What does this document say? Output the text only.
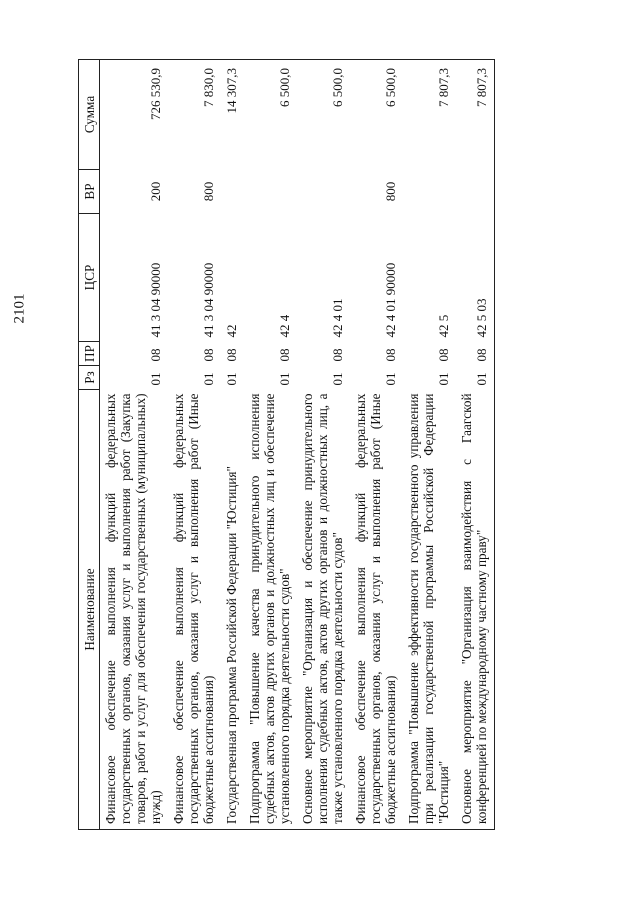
2101
Наименование	Рз	ПР	ЦСР	ВР	Сумма
Финансовое обеспечение выполнения функций федеральных государственных органов, оказания услуг и выполнения работ (Закупка товаров, работ и услуг для обеспечения государственных (муниципальных) нужд)	01	08	41 3 04 90000	200	726 530,9
Финансовое обеспечение выполнения функций федеральных государственных органов, оказания услуг и выполнения работ (Иные бюджетные ассигнования)	01	08	41 3 04 90000	800	7 830,0
Государственная программа Российской Федерации "Юстиция"	01	08	42		14 307,3
Подпрограмма "Повышение качества принудительного исполнения судебных актов, актов других органов и должностных лиц и обеспечение установленного порядка деятельности судов"	01	08	42 4		6 500,0
Основное мероприятие "Организация и обеспечение принудительного исполнения судебных актов, актов других органов и должностных лиц, а также установленного порядка деятельности судов"	01	08	42 4 01		6 500,0
Финансовое обеспечение выполнения функций федеральных государственных органов, оказания услуг и выполнения работ (Иные бюджетные ассигнования)	01	08	42 4 01 90000	800	6 500,0
Подпрограмма "Повышение эффективности государственного управления при реализации государственной программы Российской Федерации "Юстиция"	01	08	42 5		7 807,3
Основное мероприятие "Организация взаимодействия с Гаагской конференцией по международному частному праву"	01	08	42 5 03		7 807,3
